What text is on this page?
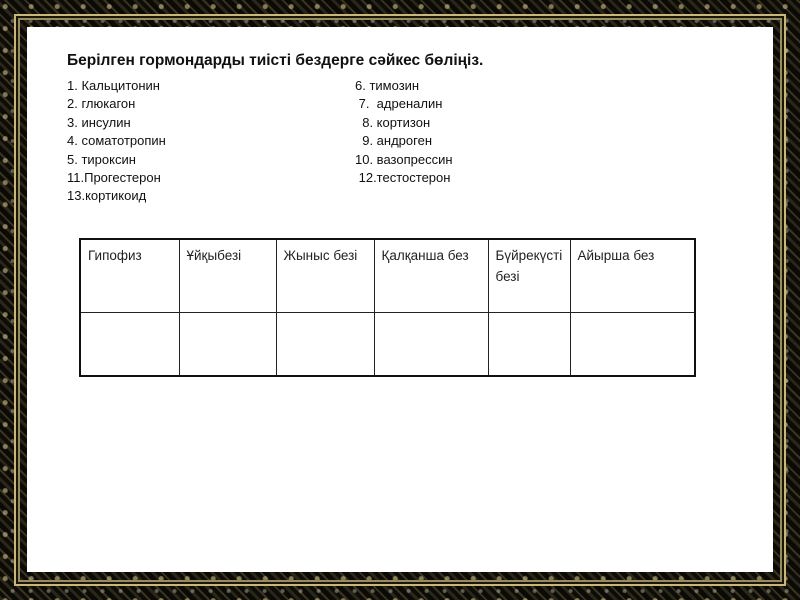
Берілген гормондарды тиісті бездерге сәйкес бөліңіз.
1. Кальцитонин
2. глюкагон
3. инсулин
4. соматотропин
5. тироксин
11.Прогестерон
13.кортикоид
6. тимозин
7.  адреналин
8. кортизон
9. андроген
10. вазопрессин
12.тестостерон
Гипофиз	Ұйқыбезі	Жыныс безі	Қалқанша без	Бүйрекүсті безі	Айырша без
